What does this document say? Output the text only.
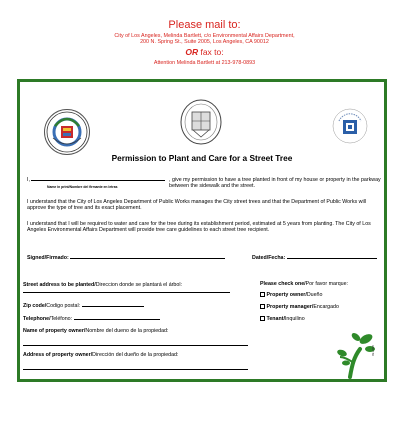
Please mail to:
City of Los Angeles, Melinda Bartlett, c/o Environmental Affairs Department,
200 N. Spring St., Suite 2005, Los Angeles, CA 90012
OR fax to:
Attention Melinda Bartlett at 213-978-0893
Permission to Plant and Care for a Street Tree
I,
Name in print/Nombre del firmante en letras
, give my permission to have a tree planted in front of my house or property in the parkway between the sidewalk and the street.
I understand that the City of Los Angeles Department of Public Works manages the City street trees and that the Department of Public Works will approve the type of tree and its exact placement.
I understand that I will be required to water and care for the tree during its establishment period, estimated at 5 years from planting. The City of Los Angeles Environmental Affairs Department will provide tree care guidelines to each street tree recipient.
Signed/Firmado:	Dated/Fecha:
Street address to be planted/Direccion donde se plantará el árbol:
Zip code/Codigo postal:
Telephone/Teléfono:
Name of property owner/Nombre del dueno de la propiedad:
Address of property owner/Dirección del dueño de la propiedad:
Please check one/Por favor marque:
Property owner/Dueño
Property manager/Encargado
Tenant/Inquilino
09.2008
